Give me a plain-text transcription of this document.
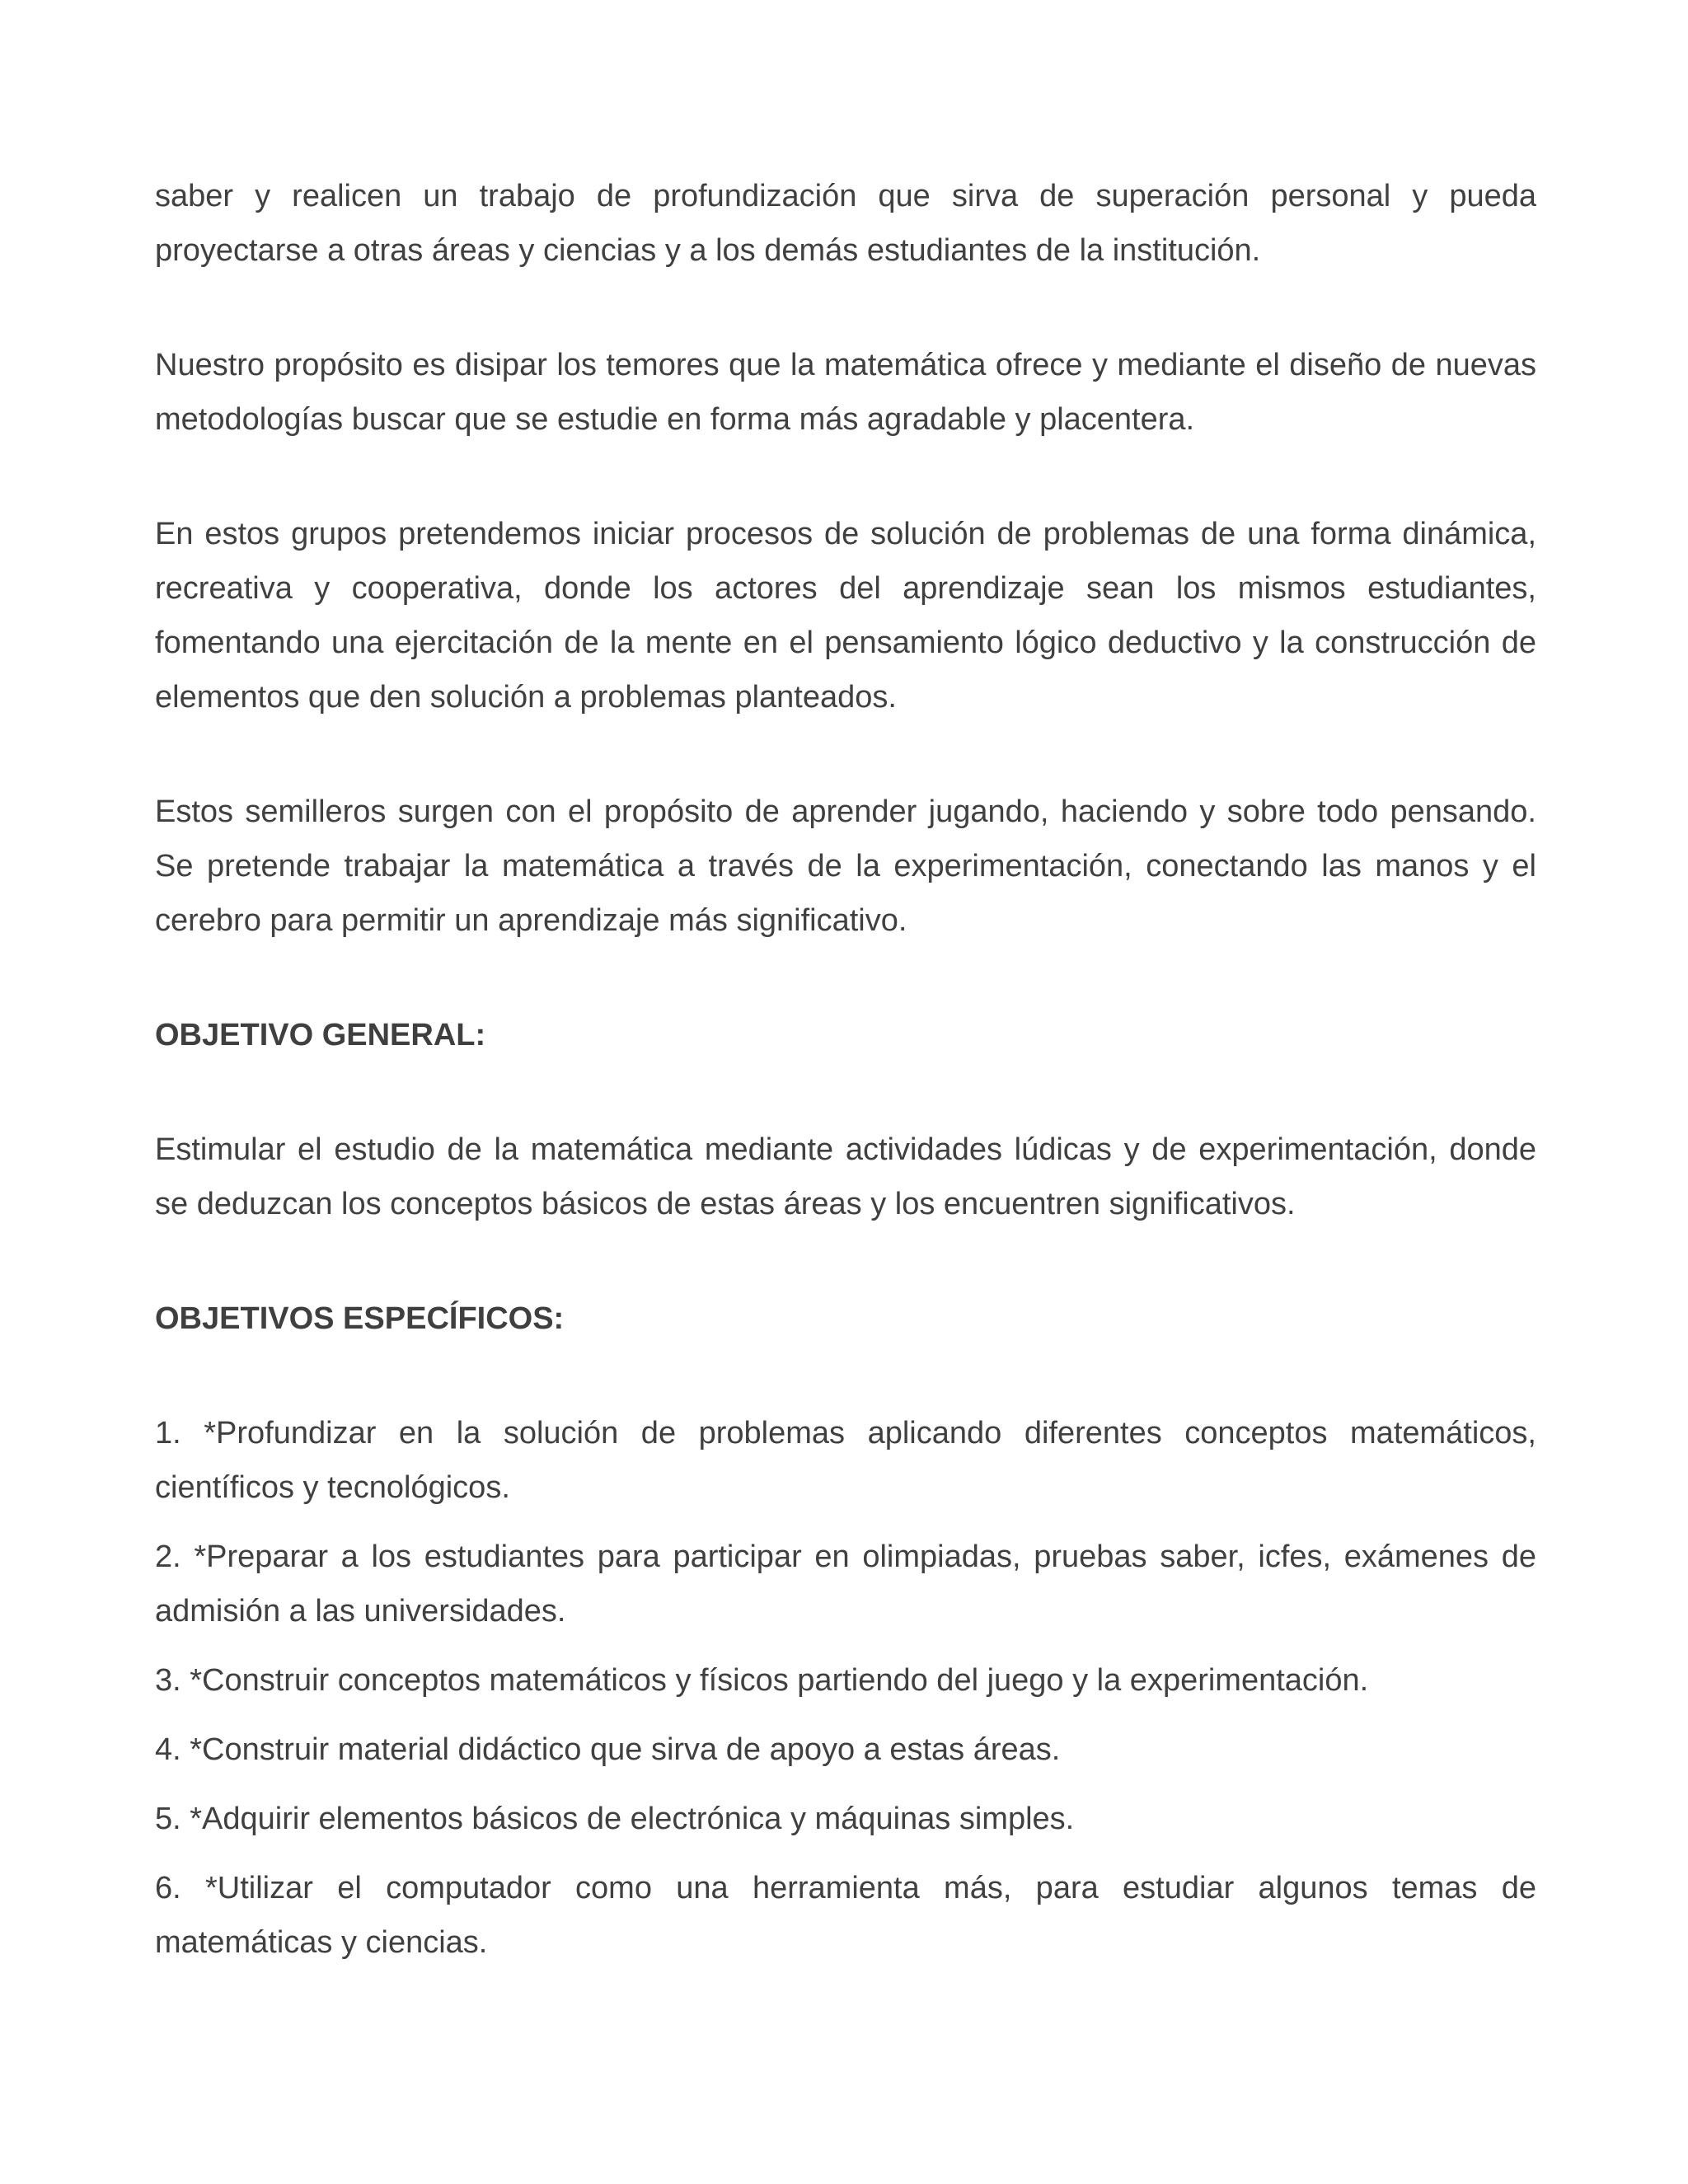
saber y realicen un trabajo de profundización que sirva de superación personal y pueda proyectarse a otras áreas y ciencias y a los demás estudiantes de la institución.

Nuestro propósito es disipar los temores que la matemática ofrece y mediante el diseño de nuevas metodologías buscar que se estudie en forma más agradable y placentera.

En estos grupos pretendemos iniciar procesos de solución de problemas de una forma dinámica, recreativa y cooperativa, donde los actores del aprendizaje sean los mismos estudiantes, fomentando una ejercitación de la mente en el pensamiento lógico deductivo y la construcción de elementos que den solución a problemas planteados.

Estos semilleros surgen con el propósito de aprender jugando, haciendo y sobre todo pensando. Se pretende trabajar la matemática a través de la experimentación, conectando las manos y el cerebro para permitir un aprendizaje más significativo.

OBJETIVO GENERAL:

Estimular el estudio de la matemática mediante actividades lúdicas y de experimentación, donde se deduzcan los conceptos básicos de estas áreas y los encuentren significativos.

OBJETIVOS ESPECÍFICOS:

1. *Profundizar en la solución de problemas aplicando diferentes conceptos matemáticos, científicos y tecnológicos.

2. *Preparar a los estudiantes para participar en olimpiadas, pruebas saber, icfes, exámenes de admisión a las universidades.

3. *Construir conceptos matemáticos y físicos partiendo del juego y la experimentación.

4. *Construir material didáctico que sirva de apoyo a estas áreas.

5. *Adquirir elementos básicos de electrónica y máquinas simples.

6. *Utilizar el computador como una herramienta más, para estudiar algunos temas de matemáticas y ciencias.
